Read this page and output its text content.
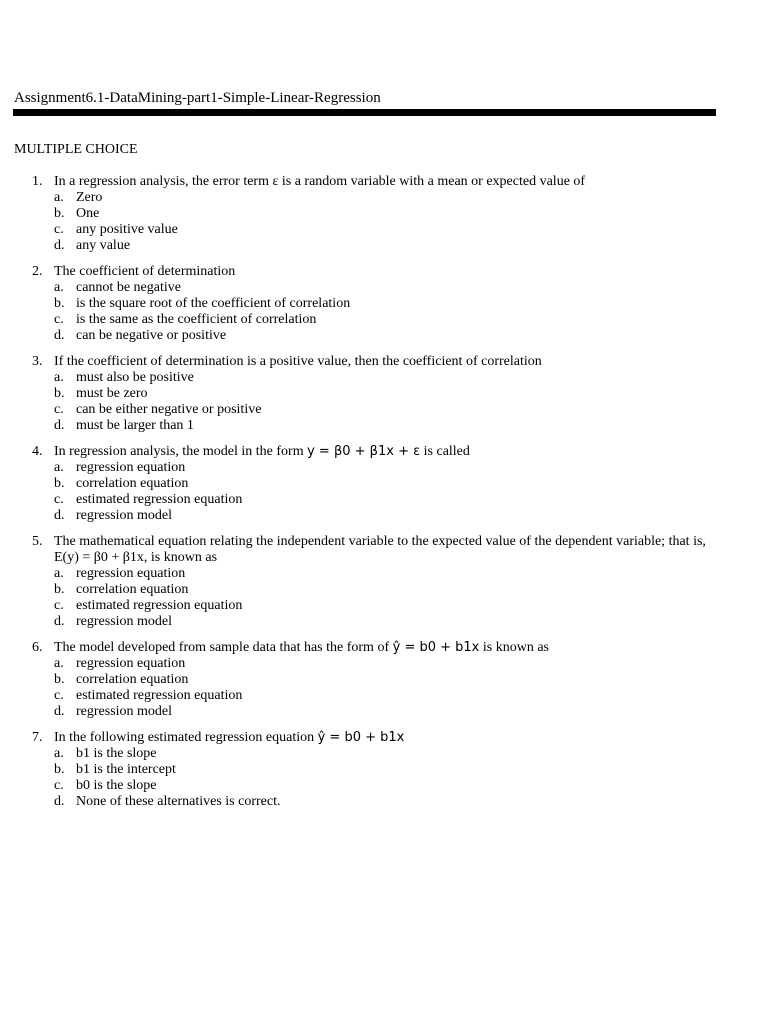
Assignment6.1-DataMining-part1-Simple-Linear-Regression
MULTIPLE CHOICE
1. In a regression analysis, the error term ε is a random variable with a mean or expected value of
a. Zero
b. One
c. any positive value
d. any value
2. The coefficient of determination
a. cannot be negative
b. is the square root of the coefficient of correlation
c. is the same as the coefficient of correlation
d. can be negative or positive
3. If the coefficient of determination is a positive value, then the coefficient of correlation
a. must also be positive
b. must be zero
c. can be either negative or positive
d. must be larger than 1
4. In regression analysis, the model in the form y = β0 + β1x + ε is called
a. regression equation
b. correlation equation
c. estimated regression equation
d. regression model
5. The mathematical equation relating the independent variable to the expected value of the dependent variable; that is, E(y) = β0 + β1x, is known as
a. regression equation
b. correlation equation
c. estimated regression equation
d. regression model
6. The model developed from sample data that has the form of ŷ = b0 + b1x is known as
a. regression equation
b. correlation equation
c. estimated regression equation
d. regression model
7. In the following estimated regression equation ŷ = b0 + b1x
a. b1 is the slope
b. b1 is the intercept
c. b0 is the slope
d. None of these alternatives is correct.
